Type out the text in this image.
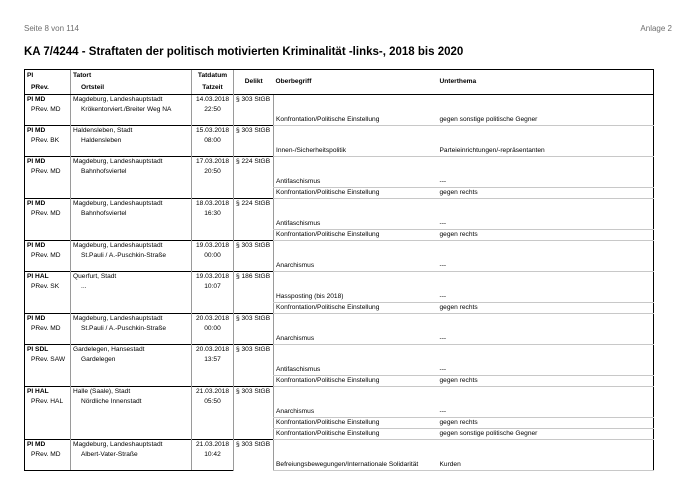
Seite 8 von 114	Anlage 2
KA 7/4244 - Straftaten der politisch motivierten Kriminalität -links-, 2018 bis 2020
PI	Tatort	Tatdatum	Delikt	Oberbegriff	Unterthema
PRev.	Ortsteil	Tatzeit			
PI MD	Magdeburg, Landeshauptstadt	14.03.2018	§ 303 StGB		
PRev. MD	Krökentorviert./Breiter Weg NA	22:50			
				Konfrontation/Politische Einstellung	gegen sonstige politische Gegner
PI MD	Haldensleben, Stadt	15.03.2018	§ 303 StGB		
PRev. BK	Haldensleben	08:00			
				Innen-/Sicherheitspolitik	Parteieinrichtungen/-repräsentanten
PI MD	Magdeburg, Landeshauptstadt	17.03.2018	§ 224 StGB		
PRev. MD	Bahnhofsviertel	20:50			
				Antifaschismus	---
				Konfrontation/Politische Einstellung	gegen rechts
PI MD	Magdeburg, Landeshauptstadt	18.03.2018	§ 224 StGB		
PRev. MD	Bahnhofsviertel	16:30			
				Antifaschismus	---
				Konfrontation/Politische Einstellung	gegen rechts
PI MD	Magdeburg, Landeshauptstadt	19.03.2018	§ 303 StGB		
PRev. MD	St.Pauli / A.-Puschkin-Straße	00:00			
				Anarchismus	---
PI HAL	Querfurt, Stadt	19.03.2018	§ 186 StGB		
PRev. SK	...	10:07			
				Hassposting (bis 2018)	---
				Konfrontation/Politische Einstellung	gegen rechts
PI MD	Magdeburg, Landeshauptstadt	20.03.2018	§ 303 StGB		
PRev. MD	St.Pauli / A.-Puschkin-Straße	00:00			
				Anarchismus	---
PI SDL	Gardelegen, Hansestadt	20.03.2018	§ 303 StGB		
PRev. SAW	Gardelegen	13:57			
				Antifaschismus	---
				Konfrontation/Politische Einstellung	gegen rechts
PI HAL	Halle (Saale), Stadt	21.03.2018	§ 303 StGB		
PRev. HAL	Nördliche Innenstadt	05:50			
				Anarchismus	---
				Konfrontation/Politische Einstellung	gegen rechts
				Konfrontation/Politische Einstellung	gegen sonstige politische Gegner
PI MD	Magdeburg, Landeshauptstadt	21.03.2018	§ 303 StGB		
PRev. MD	Albert-Vater-Straße	10:42			
				Befreiungsbewegungen/Internationale Solidarität	Kurden
